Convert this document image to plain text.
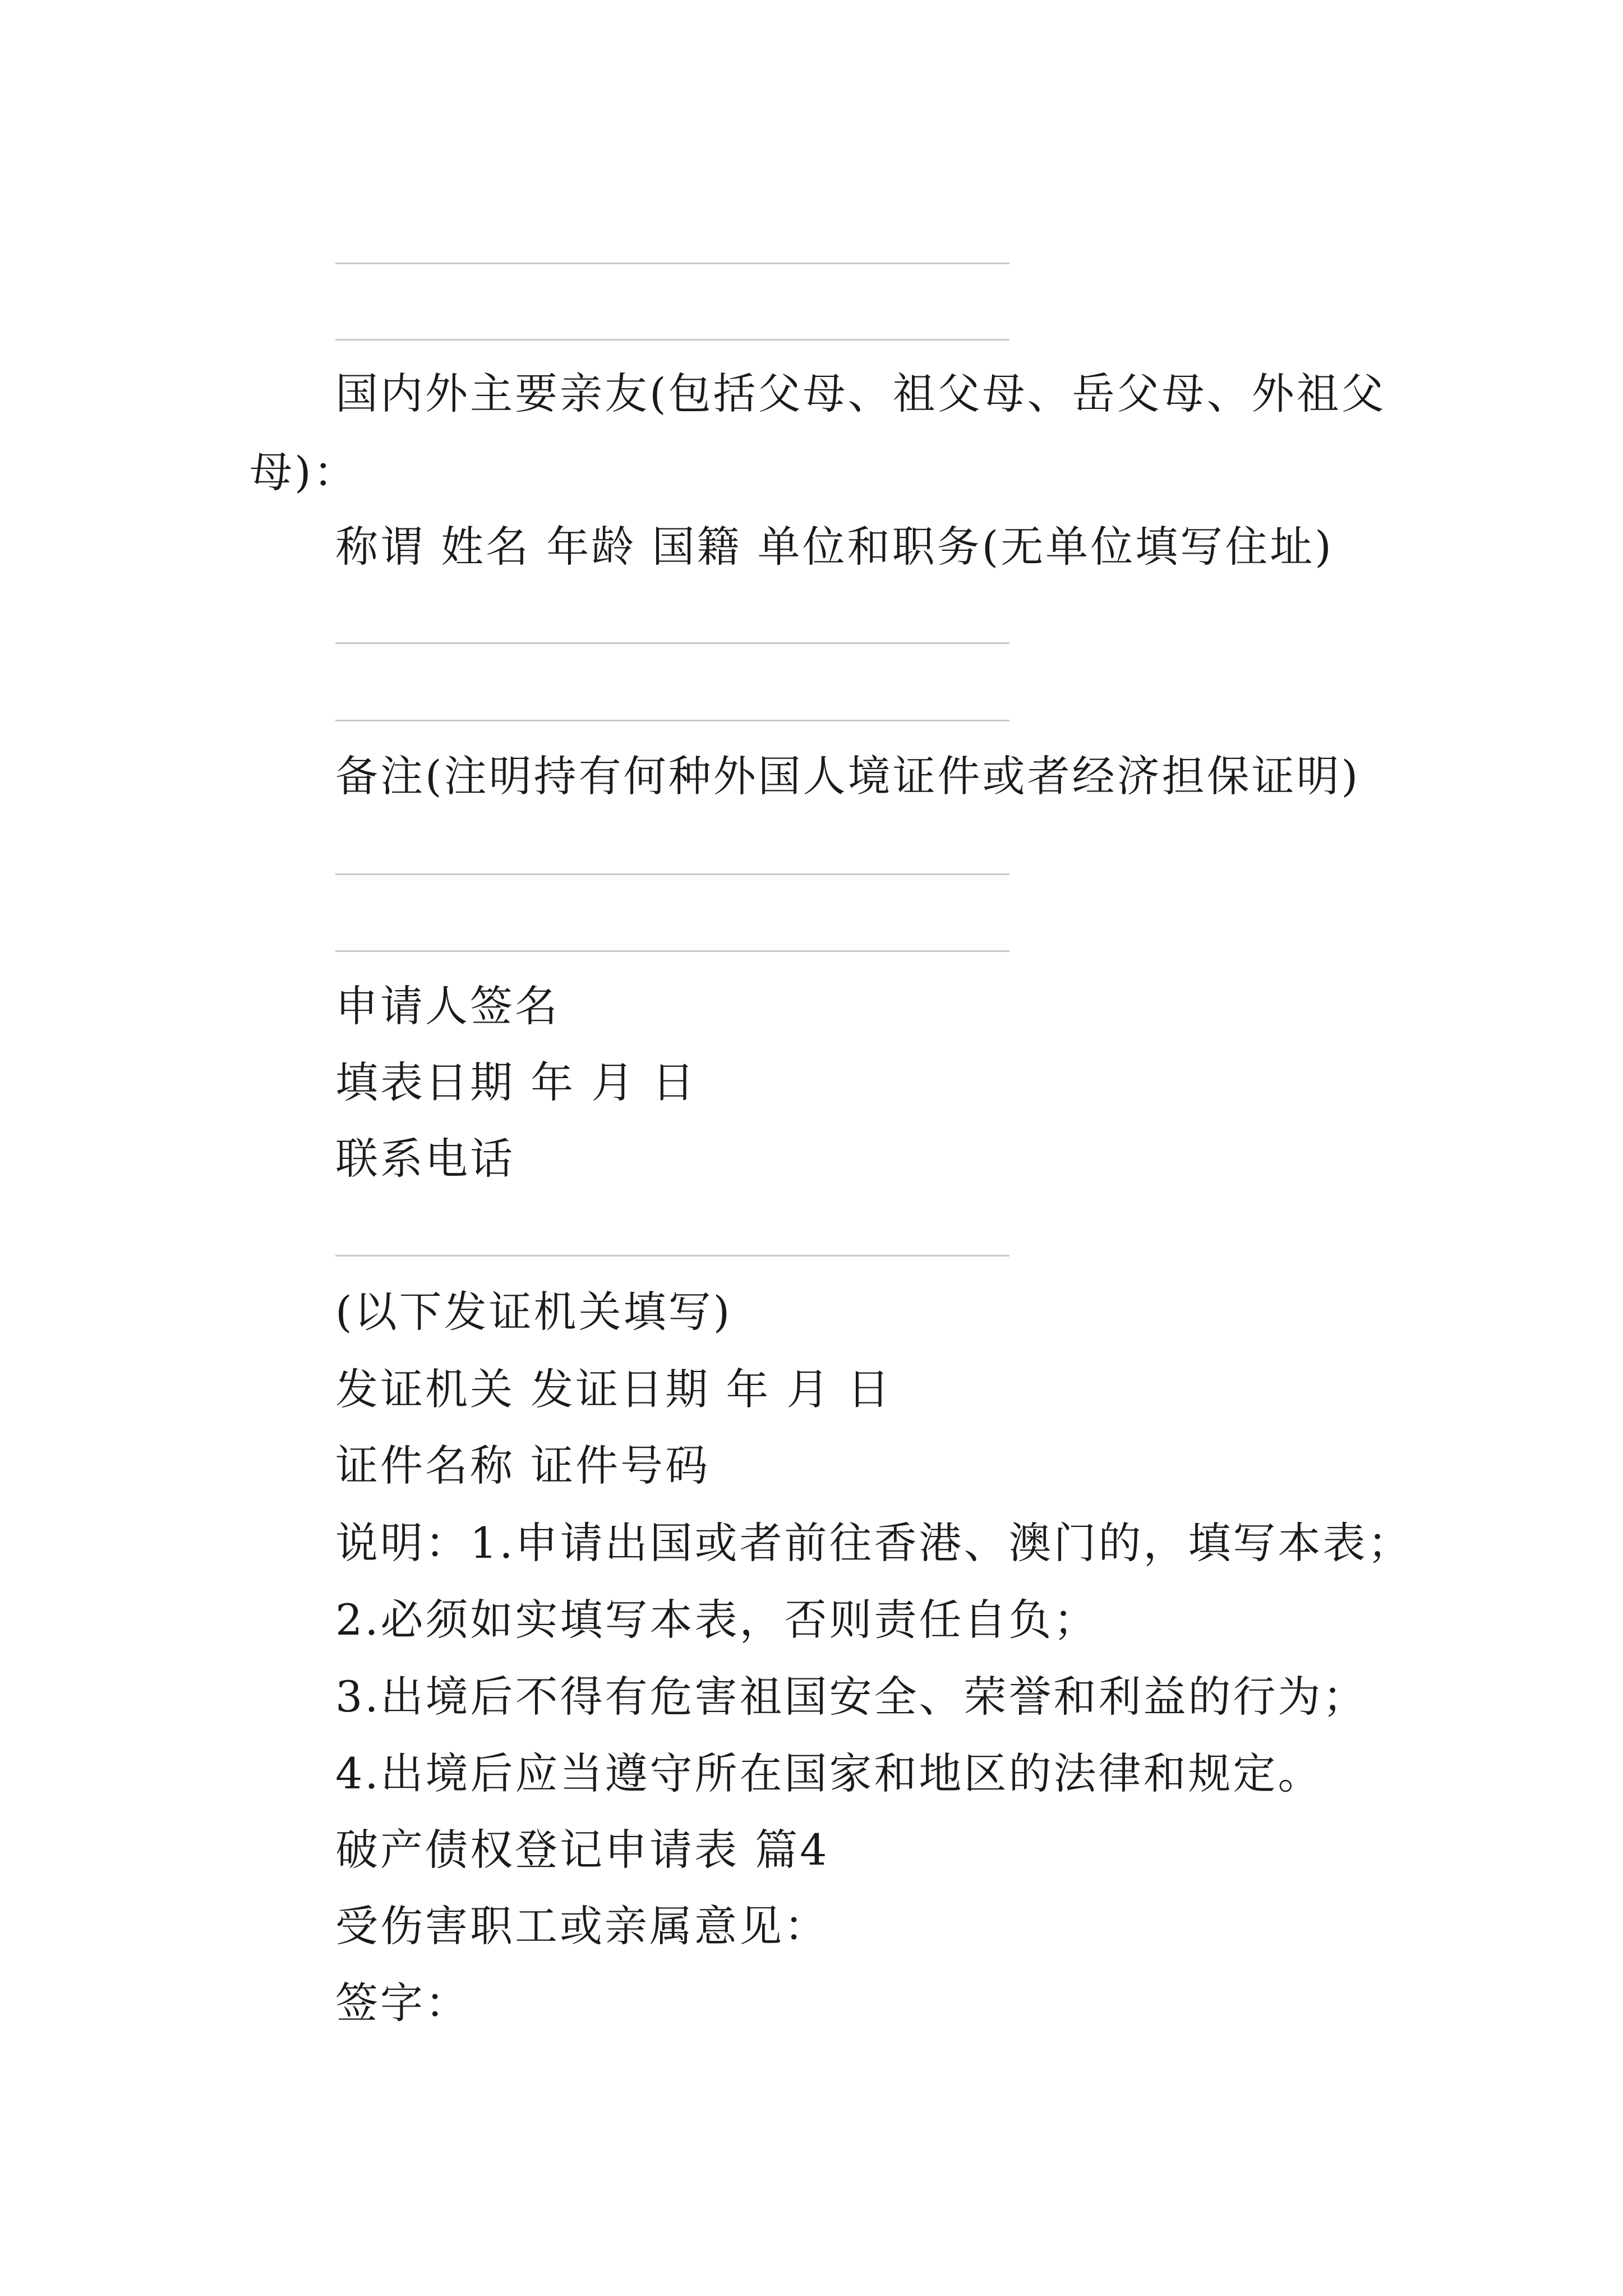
国内外主要亲友(包括父母、祖父母、岳父母、外祖父
母)：
称谓 姓名 年龄 国籍 单位和职务(无单位填写住址)
备注(注明持有何种外国人境证件或者经济担保证明)
申请人签名
填表日期 年 月 日
联系电话
(以下发证机关填写)
发证机关 发证日期 年 月 日
证件名称 证件号码
说明：1.申请出国或者前往香港、澳门的，填写本表；
2.必须如实填写本表，否则责任自负；
3.出境后不得有危害祖国安全、荣誉和利益的行为；
4.出境后应当遵守所在国家和地区的法律和规定。
破产债权登记申请表 篇4
受伤害职工或亲属意见：
签字：
